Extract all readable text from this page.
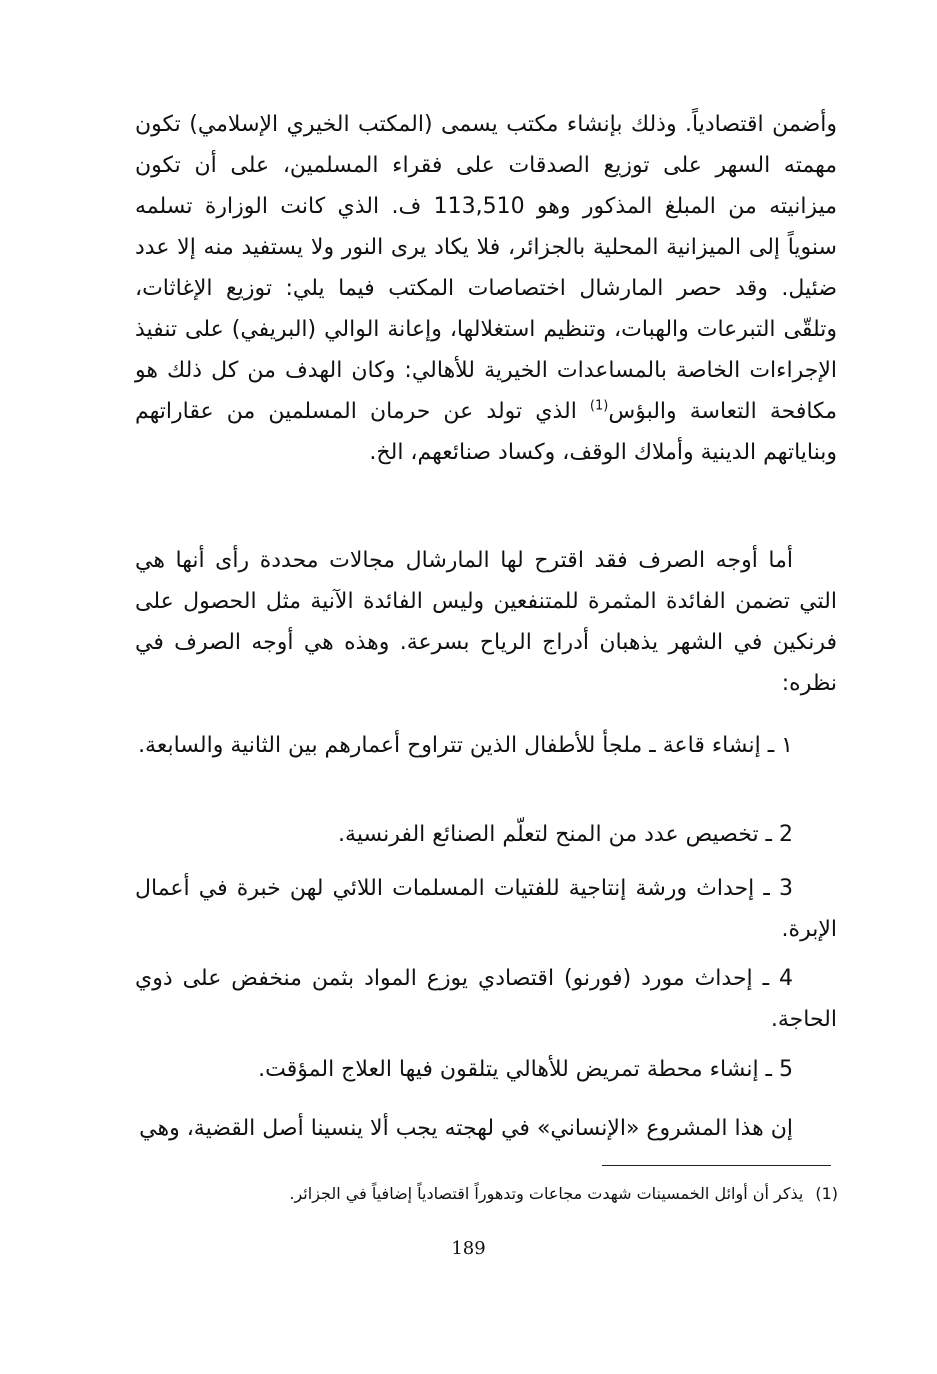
وأضمن اقتصادياً. وذلك بإنشاء مكتب يسمى (المكتب الخيري الإسلامي) تكون مهمته السهر على توزيع الصدقات على فقراء المسلمين، على أن تكون ميزانيته من المبلغ المذكور وهو 113,510 ف. الذي كانت الوزارة تسلمه سنوياً إلى الميزانية المحلية بالجزائر، فلا يكاد يرى النور ولا يستفيد منه إلا عدد ضئيل. وقد حصر المارشال اختصاصات المكتب فيما يلي: توزيع الإغاثات، وتلقّى التبرعات والهبات، وتنظيم استغلالها، وإعانة الوالي (البريفي) على تنفيذ الإجراءات الخاصة بالمساعدات الخيرية للأهالي: وكان الهدف من كل ذلك هو مكافحة التعاسة والبؤس$^{(1)}$ الذي تولد عن حرمان المسلمين من عقاراتهم وبناياتهم الدينية وأملاك الوقف، وكساد صنائعهم، الخ.

أما أوجه الصرف فقد اقترح لها المارشال مجالات محددة رأى أنها هي التي تضمن الفائدة المثمرة للمتنفعين وليس الفائدة الآنية مثل الحصول على فرنكين في الشهر يذهبان أدراج الرياح بسرعة. وهذه هي أوجه الصرف في نظره:

١ ـ إنشاء قاعة ـ ملجأ للأطفال الذين تتراوح أعمارهم بين الثانية والسابعة.

2 ـ تخصيص عدد من المنح لتعلّم الصنائع الفرنسية.

3 ـ إحداث ورشة إنتاجية للفتيات المسلمات اللائي لهن خبرة في أعمال الإبرة.

4 ـ إحداث مورد (فورنو) اقتصادي يوزع المواد بثمن منخفض على ذوي الحاجة.

5 ـ إنشاء محطة تمريض للأهالي يتلقون فيها العلاج المؤقت.

إن هذا المشروع «الإنساني» في لهجته يجب ألا ينسينا أصل القضية، وهي

(1)يذكر أن أوائل الخمسينات شهدت مجاعات وتدهوراً اقتصادياً إضافياً في الجزائر.
189
